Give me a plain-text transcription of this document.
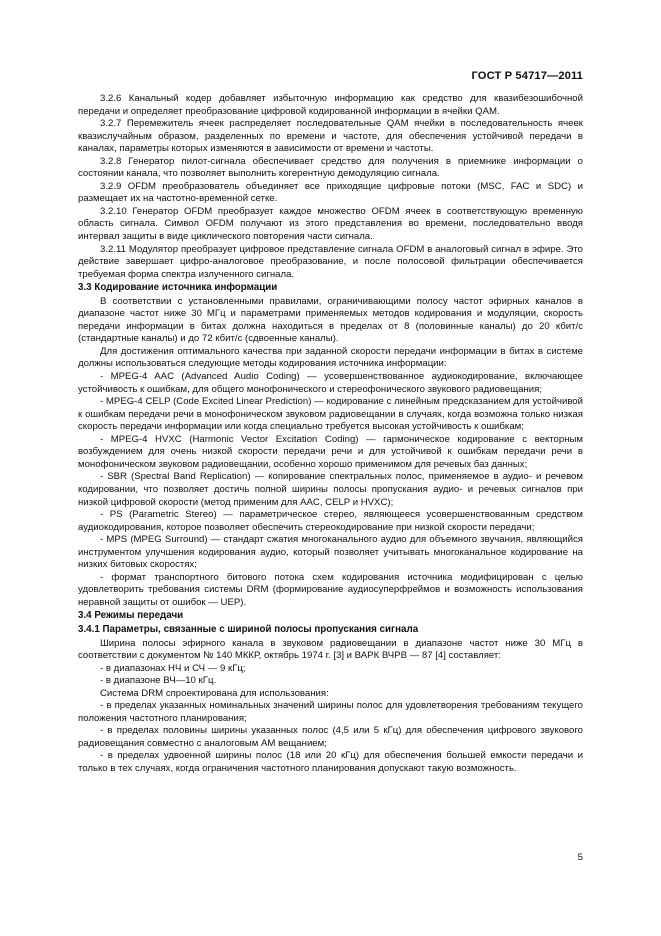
ГОСТ Р 54717—2011

3.2.6 Канальный кодер добавляет избыточную информацию как средство для квазибезошибочной передачи и определяет преобразование цифровой кодированной информации в ячейки QAM.

3.2.7 Перемежитель ячеек распределяет последовательные QAM ячейки в последовательность ячеек квазислучайным образом, разделенных по времени и частоте, для обеспечения устойчивой передачи в каналах, параметры которых изменяются в зависимости от времени и частоты.

3.2.8 Генератор пилот-сигнала обеспечивает средство для получения в приемнике информации о состоянии канала, что позволяет выполнить когерентную демодуляцию сигнала.

3.2.9 OFDM преобразователь объединяет все приходящие цифровые потоки (MSC, FAC и SDC) и размещает их на частотно-временной сетке.

3.2.10 Генератор OFDM преобразует каждое множество OFDM ячеек в соответствующую временную область сигнала. Символ OFDM получают из этого представления во времени, последовательно вводя интервал защиты в виде циклического повторения части сигнала.

3.2.11 Модулятор преобразует цифровое представление сигнала OFDM в аналоговый сигнал в эфире. Это действие завершает цифро-аналоговое преобразование, и после полосовой фильтрации обеспечивается требуемая форма спектра излученного сигнала.

3.3 Кодирование источника информации

В соответствии с установленными правилами, ограничивающими полосу частот эфирных каналов в диапазоне частот ниже 30 МГц и параметрами применяемых методов кодирования и модуляции, скорость передачи информации в битах должна находиться в пределах от 8 (половинные каналы) до 20 кбит/с (стандартные каналы) и до 72 кбит/с (сдвоенные каналы).

Для достижения оптимального качества при заданной скорости передачи информации в битах в системе должны использоваться следующие методы кодирования источника информации:

- MPEG-4 AAC (Advanced Audio Coding) — усовершенствованное аудиокодирование, включающее устойчивость к ошибкам, для общего монофонического и стереофонического звукового радиовещания;

- MPEG-4 CELP (Code Excited Linear Prediction) — кодирование с линейным предсказанием для устойчивой к ошибкам передачи речи в монофоническом звуковом радиовещании в случаях, когда возможна только низкая скорость передачи информации или когда специально требуется высокая устойчивость к ошибкам;

- MPEG-4 HVXC (Harmonic Vector Excitation Coding) — гармоническое кодирование с векторным возбуждением для очень низкой скорости передачи речи и для устойчивой к ошибкам передачи речи в монофоническом звуковом радиовещании, особенно хорошо применимом для речевых баз данных;

- SBR (Spectral Band Replication) — копирование спектральных полос, применяемое в аудио- и речевом кодировании, что позволяет достичь полной ширины полосы пропускания аудио- и речевых сигналов при низкой цифровой скорости (метод применим для AAC, CELP и HVXC);

- PS (Parametric Stereo) — параметрическое стерео, являющееся усовершенствованным средством аудиокодирования, которое позволяет обеспечить стереокодирование при низкой скорости передачи;

- MPS (MPEG Surround) — стандарт сжатия многоканального аудио для объемного звучания, являющийся инструментом улучшения кодирования аудио, который позволяет учитывать многоканальное кодирование на низких битовых скоростях;

- формат транспортного битового потока схем кодирования источника модифицирован с целью удовлетворить требования системы DRM (формирование аудиосуперфреймов и возможность использования неравной защиты от ошибок — UEP).

3.4 Режимы передачи
3.4.1 Параметры, связанные с шириной полосы пропускания сигнала

Ширина полосы эфирного канала в звуковом радиовещании в диапазоне частот ниже 30 МГц в соответствии с документом № 140 МККР, октябрь 1974 г. [3] и ВАРК ВЧРВ — 87 [4] составляет:

- в диапазонах НЧ и СЧ — 9 кГц;

- в диапазоне ВЧ—10 кГц.

Система DRM спроектирована для использования:

- в пределах указанных номинальных значений ширины полос для удовлетворения требованиям текущего положения частотного планирования;

- в пределах половины ширины указанных полос (4,5 или 5 кГц) для обеспечения цифрового звукового радиовещания совместно с аналоговым АМ вещанием;

- в пределах удвоенной ширины полос (18 или 20 кГц) для обеспечения большей емкости передачи и только в тех случаях, когда ограничения частотного планирования допускают такую возможность.

5
